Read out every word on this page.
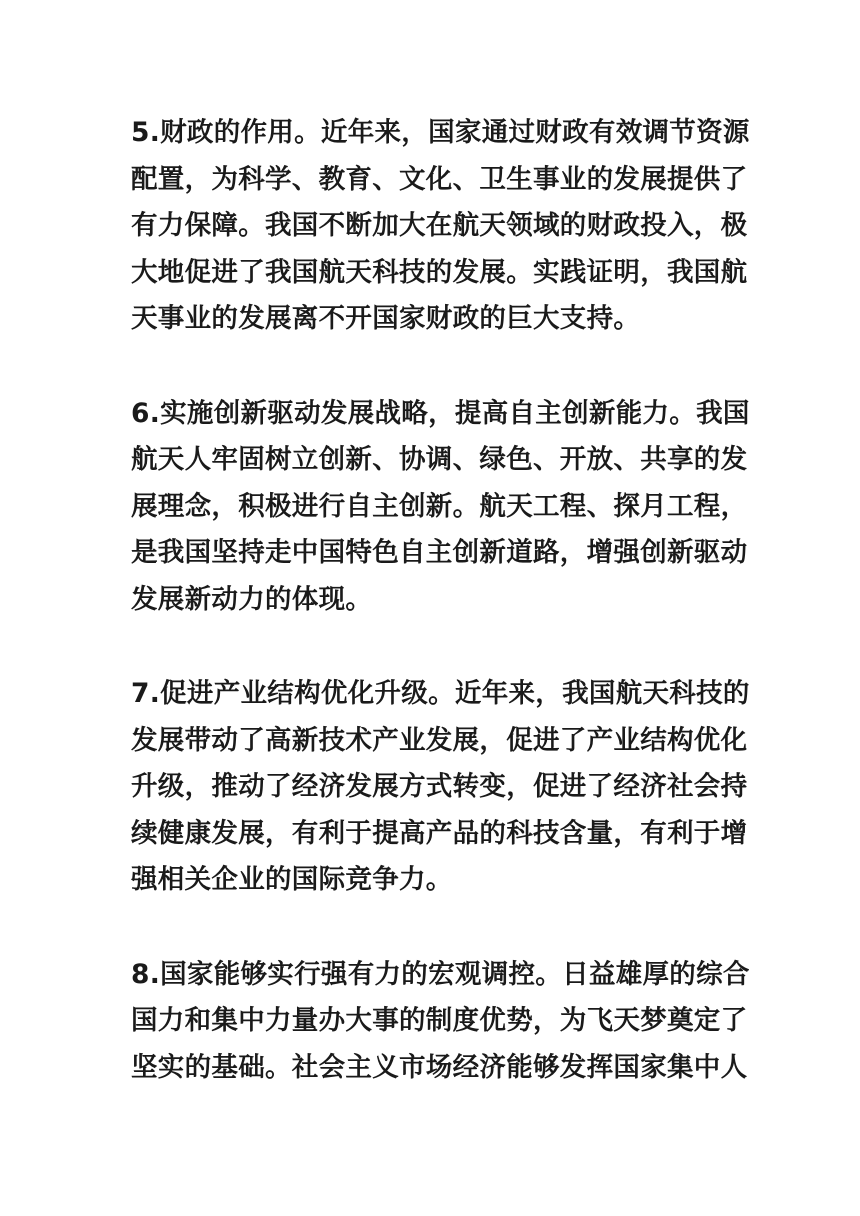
5.财政的作用。近年来，国家通过财政有效调节资源
配置，为科学、教育、文化、卫生事业的发展提供了
有力保障。我国不断加大在航天领域的财政投入，极
大地促进了我国航天科技的发展。实践证明，我国航
天事业的发展离不开国家财政的巨大支持。

6.实施创新驱动发展战略，提高自主创新能力。我国
航天人牢固树立创新、协调、绿色、开放、共享的发
展理念，积极进行自主创新。航天工程、探月工程，
是我国坚持走中国特色自主创新道路，增强创新驱动
发展新动力的体现。

7.促进产业结构优化升级。近年来，我国航天科技的
发展带动了高新技术产业发展，促进了产业结构优化
升级，推动了经济发展方式转变，促进了经济社会持
续健康发展，有利于提高产品的科技含量，有利于增
强相关企业的国际竞争力。

8.国家能够实行强有力的宏观调控。日益雄厚的综合
国力和集中力量办大事的制度优势，为飞天梦奠定了
坚实的基础。社会主义市场经济能够发挥国家集中人
